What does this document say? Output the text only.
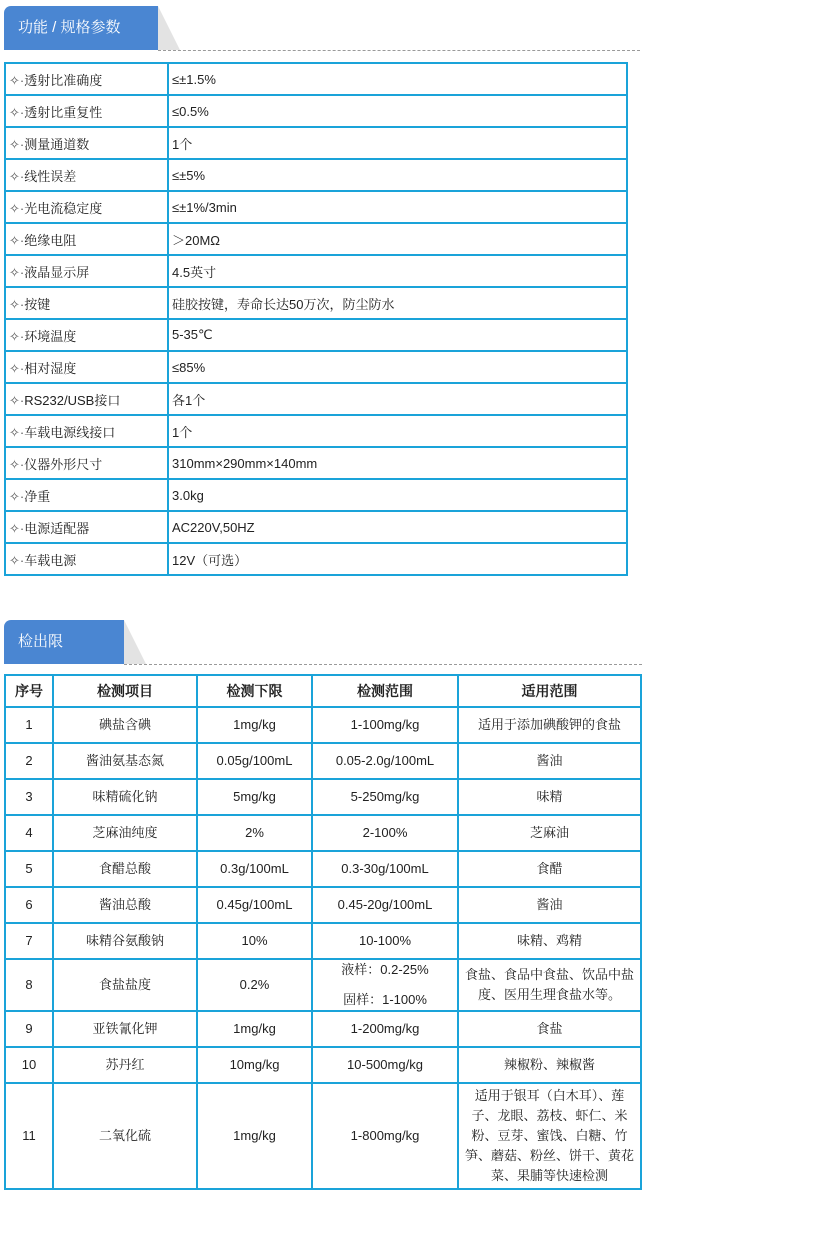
功能 / 规格参数
✧·透射比准确度	≤±1.5%
✧·透射比重复性	≤0.5%
✧·测量通道数	1个
✧·线性误差	≤±5%
✧·光电流稳定度	≤±1%/3min
✧·绝缘电阻	＞20MΩ
✧·液晶显示屏	4.5英寸
✧·按键	硅胶按键，寿命长达50万次，防尘防水
✧·环境温度	5-35℃
✧·相对湿度	≤85%
✧·RS232/USB接口	各1个
✧·车载电源线接口	1个
✧·仪器外形尺寸	310mm×290mm×140mm
✧·净重	3.0kg
✧·电源适配器	AC220V,50HZ
✧·车载电源	12V（可选）
检出限
序号	检测项目	检测下限	检测范围	适用范围
1	碘盐含碘	1mg/kg	1-100mg/kg	适用于添加碘酸钾的食盐
2	酱油氨基态氮	0.05g/100mL	0.05-2.0g/100mL	酱油
3	味精硫化钠	5mg/kg	5-250mg/kg	味精
4	芝麻油纯度	2%	2-100%	芝麻油
5	食醋总酸	0.3g/100mL	0.3-30g/100mL	食醋
6	酱油总酸	0.45g/100mL	0.45-20g/100mL	酱油
7	味精谷氨酸钠	10%	10-100%	味精、鸡精
8	食盐盐度	0.2%	液样：0.2-25%
固样：1-100%	食盐、食品中食盐、饮品中盐度、医用生理食盐水等。
9	亚铁氰化钾	1mg/kg	1-200mg/kg	食盐
10	苏丹红	10mg/kg	10-500mg/kg	辣椒粉、辣椒酱
11	二氧化硫	1mg/kg	1-800mg/kg	适用于银耳（白木耳）、莲子、龙眼、荔枝、虾仁、米粉、豆芽、蜜饯、白糖、竹笋、蘑菇、粉丝、饼干、黄花菜、果脯等快速检测
